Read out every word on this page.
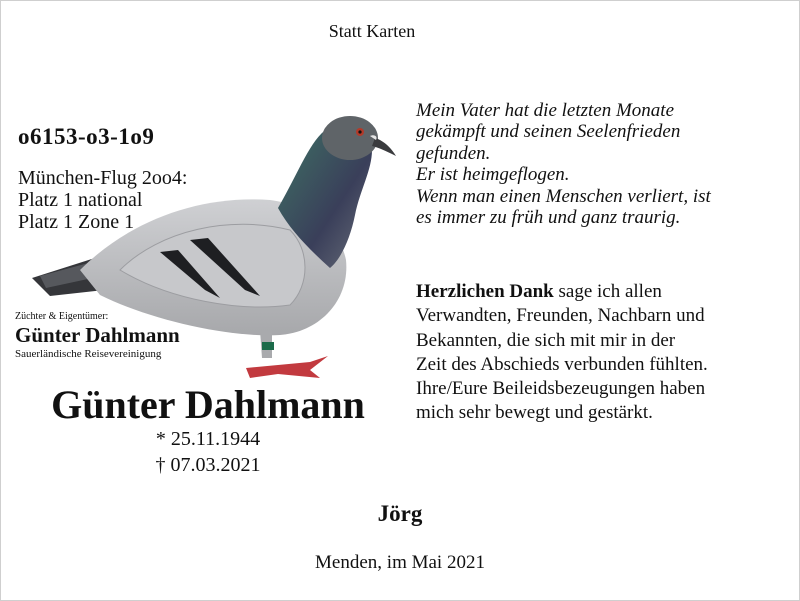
Statt Karten
o6153-o3-1o9
München-Flug 2oo4:
Platz 1 national
Platz 1 Zone 1
Züchter & Eigentümer:
Günter Dahlmann
Sauerländische Reisevereinigung
Günter Dahlmann
* 25.11.1944
† 07.03.2021
Mein Vater hat die letzten Monate
gekämpft und seinen Seelenfrieden
gefunden.
Er ist heimgeflogen.
Wenn man einen Menschen verliert, ist
es immer zu früh und ganz traurig.
Herzlichen Dank sage ich allen
Verwandten, Freunden, Nachbarn und
Bekannten, die sich mit mir in der
Zeit des Abschieds verbunden fühlten.
Ihre/Eure Beileidsbezeugungen haben
mich sehr bewegt und gestärkt.
Jörg
Menden, im Mai 2021
